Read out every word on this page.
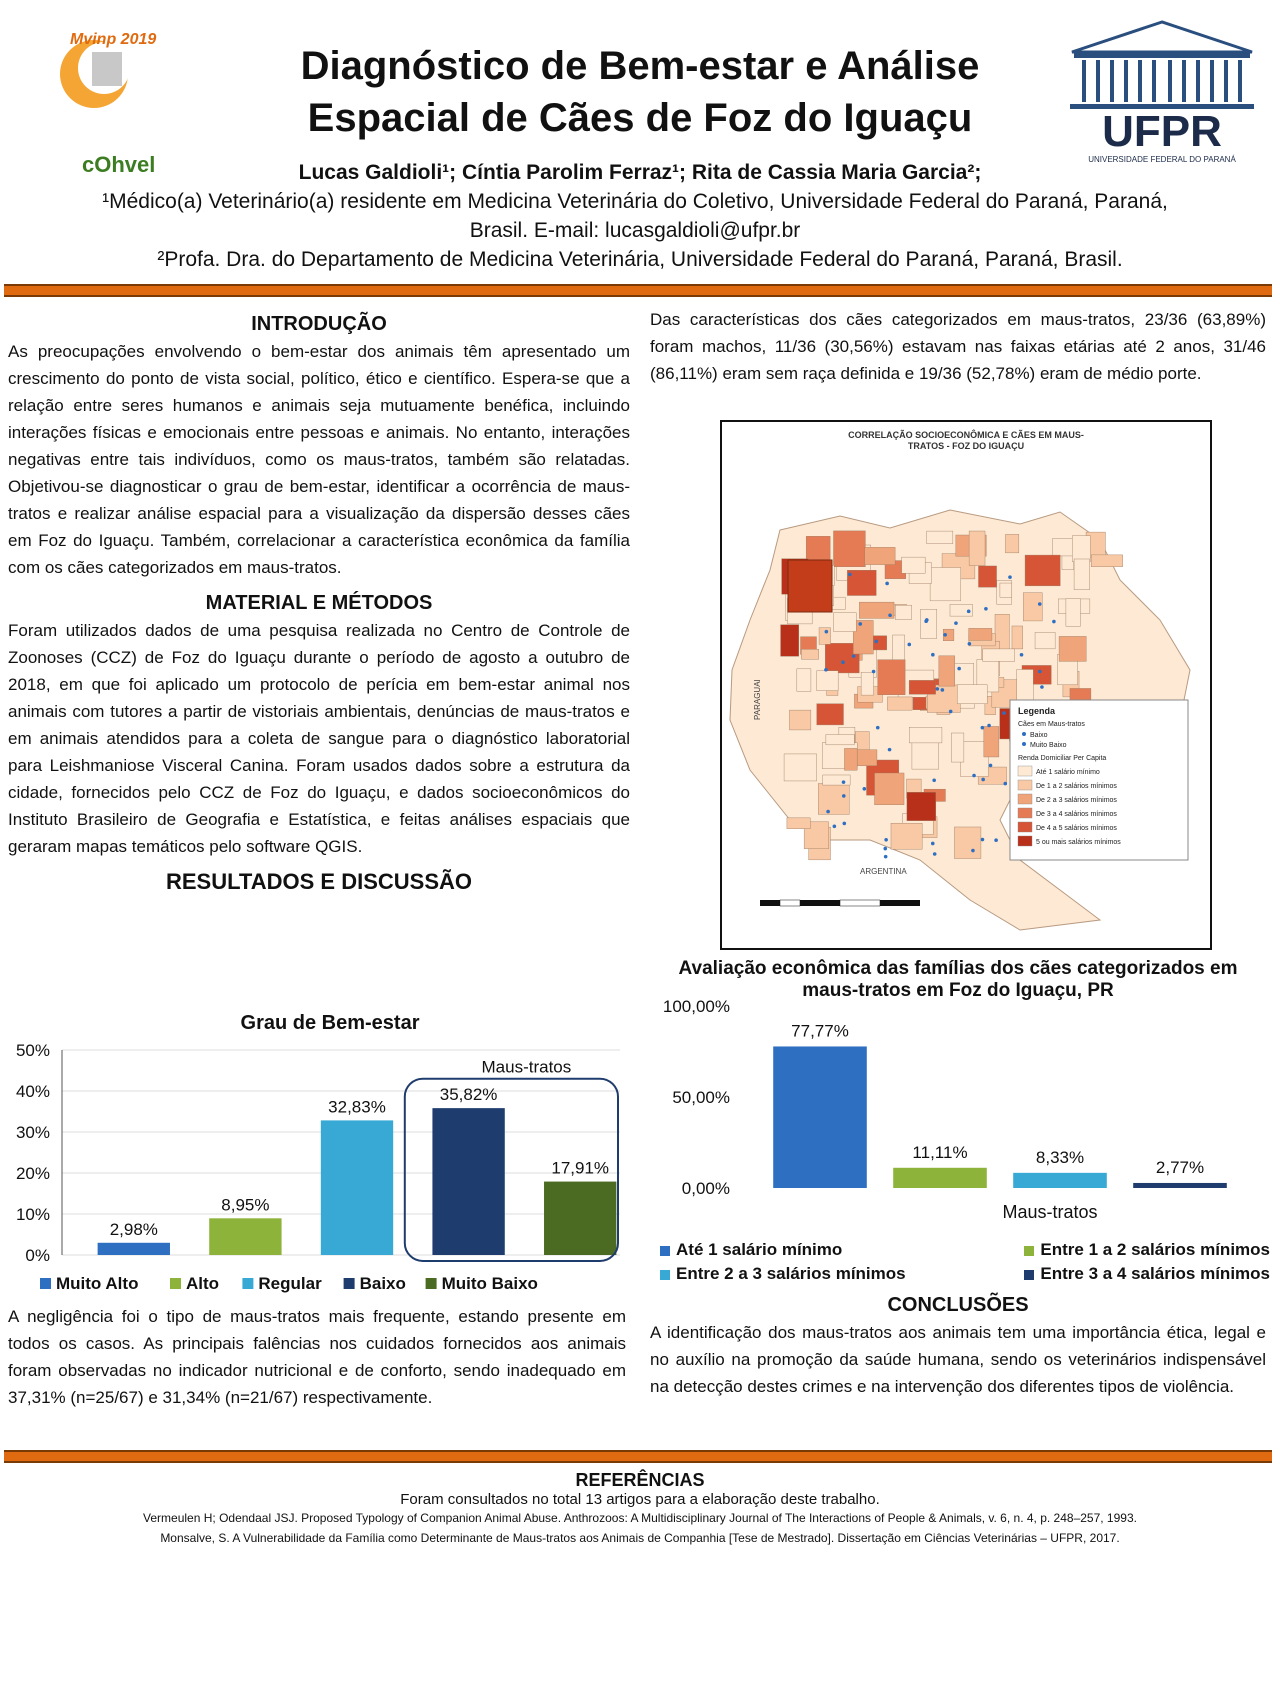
Mvinp 2019
cOhvel
UFPR
UNIVERSIDADE FEDERAL DO PARANÁ
Diagnóstico de Bem-estar e Análise
Espacial de Cães de Foz do Iguaçu
Lucas Galdioli¹; Cíntia Parolim Ferraz¹; Rita de Cassia Maria Garcia²;
¹Médico(a) Veterinário(a) residente em Medicina Veterinária do Coletivo, Universidade Federal do Paraná, Paraná, Brasil. E-mail: lucasgaldioli@ufpr.br
²Profa. Dra. do Departamento de Medicina Veterinária, Universidade Federal do Paraná, Paraná, Brasil.
INTRODUÇÃO

As preocupações envolvendo o bem-estar dos animais têm apresentado um crescimento do ponto de vista social, político, ético e científico. Espera-se que a relação entre seres humanos e animais seja mutuamente benéfica, incluindo interações físicas e emocionais entre pessoas e animais. No entanto, interações negativas entre tais indivíduos, como os maus-tratos, também são relatadas. Objetivou-se diagnosticar o grau de bem-estar, identificar a ocorrência de maus-tratos e realizar análise espacial para a visualização da dispersão desses cães em Foz do Iguaçu. Também, correlacionar a característica econômica da família com os cães categorizados em maus-tratos.

MATERIAL E MÉTODOS

Foram utilizados dados de uma pesquisa realizada no Centro de Controle de Zoonoses (CCZ) de Foz do Iguaçu durante o período de agosto a outubro de 2018, em que foi aplicado um protocolo de perícia em bem-estar animal nos animais com tutores a partir de vistoriais ambientais, denúncias de maus-tratos e em animais atendidos para a coleta de sangue para o diagnóstico laboratorial para Leishmaniose Visceral Canina. Foram usados dados sobre a estrutura da cidade, fornecidos pelo CCZ de Foz do Iguaçu, e dados socioeconômicos do Instituto Brasileiro de Geografia e Estatística, e feitas análises espaciais que geraram mapas temáticos pelo software QGIS.

RESULTADOS E DISCUSSÃO
Grau de Bem-estar
0%
10%
20%
30%
40%
50%
2,98%
8,95%
32,83%
35,82%
17,91%
Maus-tratos
Muito Alto	Alto Regular Baixo Muito Baixo

A negligência foi o tipo de maus-tratos mais frequente, estando presente em todos os casos. As principais falências nos cuidados fornecidos aos animais foram observadas no indicador nutricional e de conforto, sendo inadequado em 37,31% (n=25/67) e 31,34% (n=21/67) respectivamente.

Das características dos cães categorizados em maus-tratos, 23/36 (63,89%) foram machos, 11/36 (30,56%) estavam nas faixas etárias até 2 anos, 31/46 (86,11%) eram sem raça definida e 19/36 (52,78%) eram de médio porte.

CORRELAÇÃO SOCIOECONÔMICA E CÃES EM MAUS-
TRATOS - FOZ DO IGUAÇU
PARAGUAI
ARGENTINA
Legenda
Cães em Maus-tratos
Baixo
Muito Baixo
Renda Domiciliar Per Capita
Até 1 salário mínimo
De 1 a 2 salários mínimos
De 2 a 3 salários mínimos
De 3 a 4 salários mínimos
De 4 a 5 salários mínimos
5 ou mais salários mínimos
Avaliação econômica das famílias dos cães categorizados em maus-tratos em Foz do Iguaçu, PR
0,00%
50,00%
100,00%
77,77%
11,11%	8,33%
2,77%
Maus-tratos
Até 1 salário mínimo	Entre 1 a 2 salários mínimos
Entre 2 a 3 salários mínimos	Entre 3 a 4 salários mínimos
CONCLUSÕES

A identificação dos maus-tratos aos animais tem uma importância ética, legal e no auxílio na promoção da saúde humana, sendo os veterinários indispensável na detecção destes crimes e na intervenção dos diferentes tipos de violência.

REFERÊNCIAS
Foram consultados no total 13 artigos para a elaboração deste trabalho.
Vermeulen H; Odendaal JSJ. Proposed Typology of Companion Animal Abuse. Anthrozoos: A Multidisciplinary Journal of The Interactions of People & Animals, v. 6, n. 4, p. 248–257, 1993.
Monsalve, S. A Vulnerabilidade da Família como Determinante de Maus-tratos aos Animais de Companhia [Tese de Mestrado]. Dissertação em Ciências Veterinárias – UFPR, 2017.
